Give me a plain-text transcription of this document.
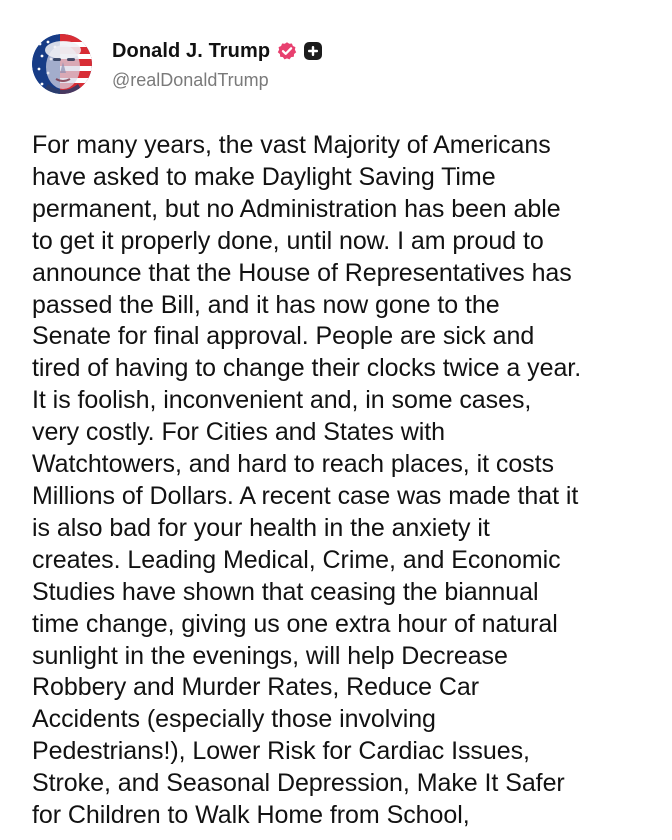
Donald J. Trump
@realDonaldTrump

For many years, the vast Majority of Americans
have asked to make Daylight Saving Time
permanent, but no Administration has been able
to get it properly done, until now. I am proud to
announce that the House of Representatives has
passed the Bill, and it has now gone to the
Senate for final approval. People are sick and
tired of having to change their clocks twice a year.
It is foolish, inconvenient and, in some cases,
very costly. For Cities and States with
Watchtowers, and hard to reach places, it costs
Millions of Dollars. A recent case was made that it
is also bad for your health in the anxiety it
creates. Leading Medical, Crime, and Economic
Studies have shown that ceasing the biannual
time change, giving us one extra hour of natural
sunlight in the evenings, will help Decrease
Robbery and Murder Rates, Reduce Car
Accidents (especially those involving
Pedestrians!), Lower Risk for Cardiac Issues,
Stroke, and Seasonal Depression, Make It Safer
for Children to Walk Home from School,
